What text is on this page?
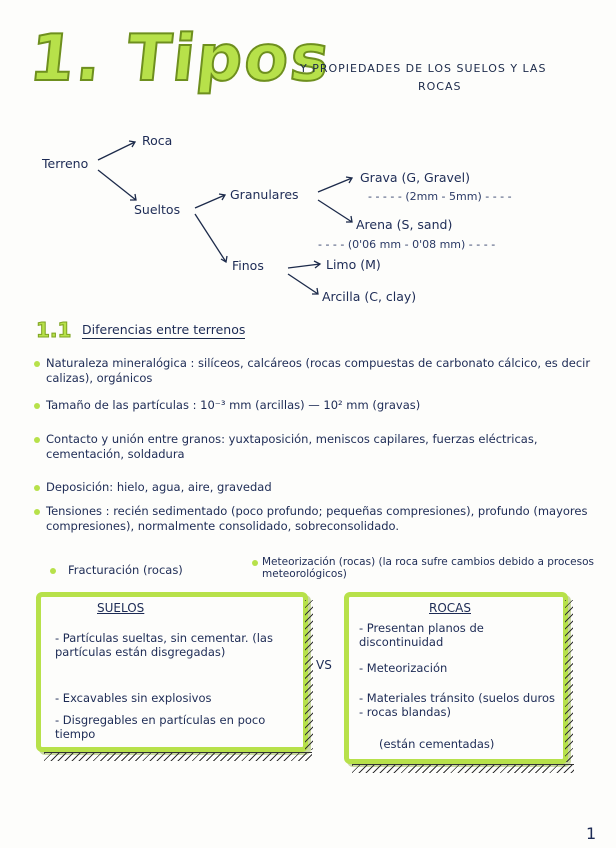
1. Tipos
Y PROPIEDADES DE LOS SUELOS Y LAS
ROCAS
Terreno
Roca
Sueltos
Granulares
Finos
Grava (G, Gravel)
- - - - - (2mm - 5mm) - - - -
Arena (S, sand)
- - - - (0'06 mm - 0'08 mm) - - - -
Limo (M)
Arcilla (C, clay)
1.1 Diferencias entre terrenos
Naturaleza mineralógica : silíceos, calcáreos (rocas compuestas de carbonato cálcico, es decir calizas), orgánicos
Tamaño de las partículas : 10⁻³ mm (arcillas) — 10² mm (gravas)
Contacto y unión entre granos: yuxtaposición, meniscos capilares, fuerzas eléctricas, cementación, soldadura
Deposición: hielo, agua, aire, gravedad
Tensiones : recién sedimentado (poco profundo; pequeñas compresiones), profundo (mayores compresiones), normalmente consolidado, sobreconsolidado.
Fracturación (rocas)
Meteorización (rocas) (la roca sufre cambios debido a procesos meteorológicos)
SUELOS
- Partículas sueltas, sin cementar. (las partículas están disgregadas)
- Excavables sin explosivos
- Disgregables en partículas en poco tiempo
VS
ROCAS
- Presentan planos de discontinuidad
- Meteorización
- Materiales tránsito (suelos duros - rocas blandas)
(están cementadas)
1
